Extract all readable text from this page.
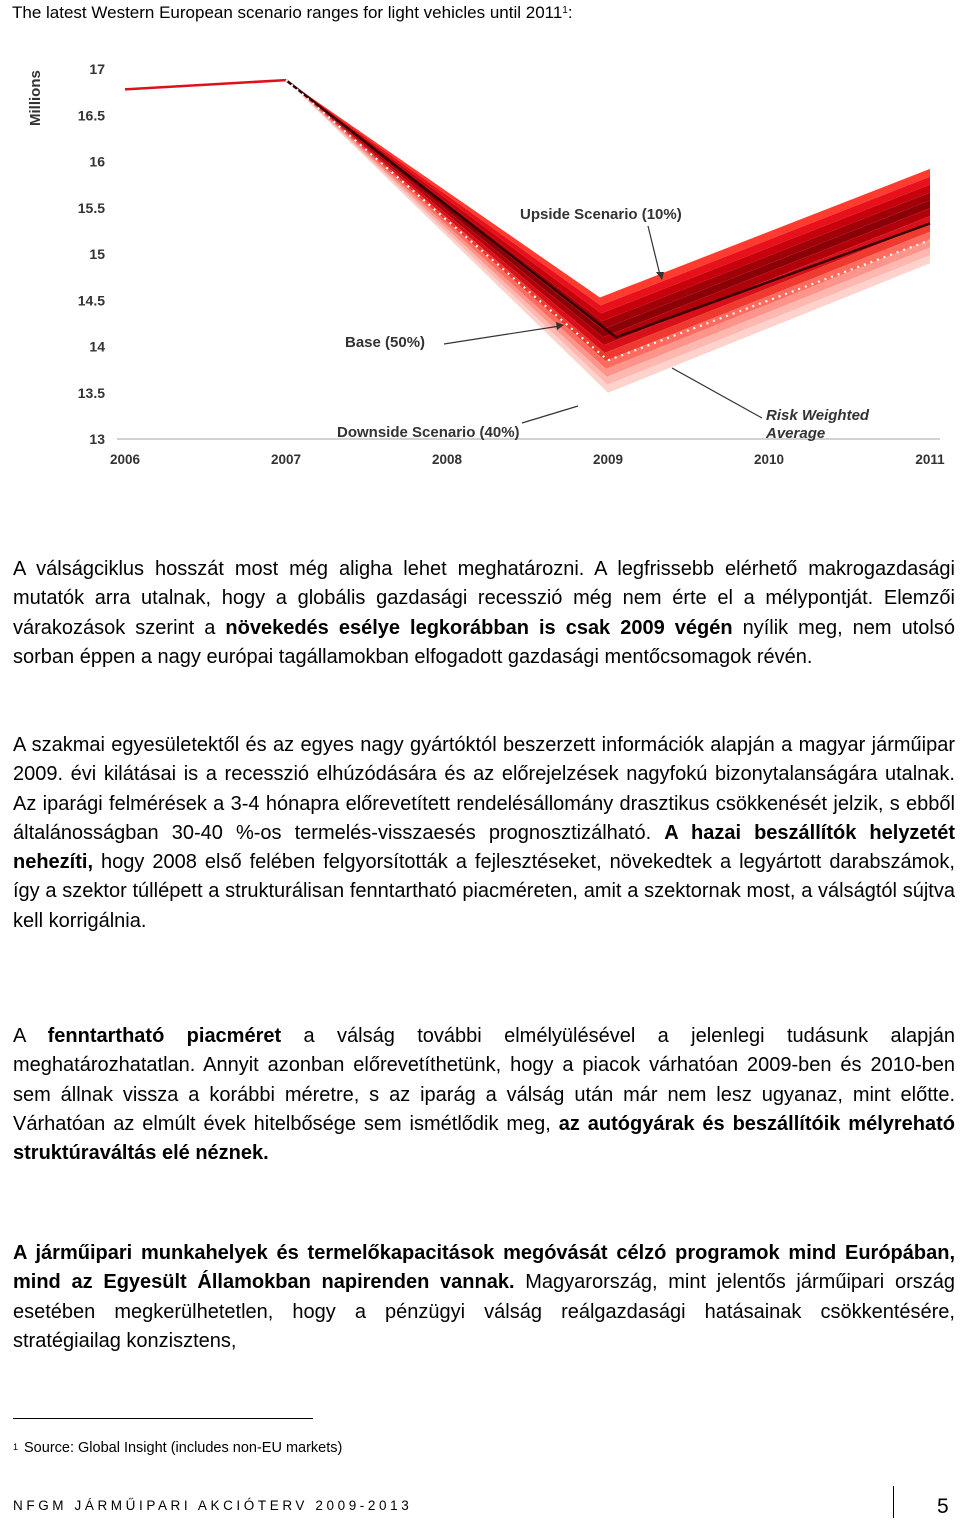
The latest Western European scenario ranges for light vehicles until 2011$^1$:
17
16.5
16
15.5
15
14.5
14
13.5
13
2006	2007	2008	2009	2010	2011
Millions
Upside Scenario (10%)
Base (50%)
Downside Scenario (40%)
Risk Weighted
Average
A válságciklus hosszát most még aligha lehet meghatározni. A legfrissebb elérhető makrogazdasági mutatók arra utalnak, hogy a globális gazdasági recesszió még nem érte el a mélypontját. Elemzői várakozások szerint a növekedés esélye legkorábban is csak 2009 végén nyílik meg, nem utolsó sorban éppen a nagy európai tagállamokban elfogadott gazdasági mentőcsomagok révén.
A szakmai egyesületektől és az egyes nagy gyártóktól beszerzett információk alapján a magyar járműipar 2009. évi kilátásai is a recesszió elhúzódására és az előrejelzések nagyfokú bizonytalanságára utalnak. Az iparági felmérések a 3-4 hónapra előrevetített rendelésállomány drasztikus csökkenését jelzik, s ebből általánosságban 30-40 %-os termelés-visszaesés prognosztizálható. A hazai beszállítók helyzetét nehezíti, hogy 2008 első felében felgyorsították a fejlesztéseket, növekedtek a legyártott darabszámok, így a szektor túllépett a strukturálisan fenntartható piacméreten, amit a szektornak most, a válságtól sújtva kell korrigálnia.
A fenntartható piacméret a válság további elmélyülésével a jelenlegi tudásunk alapján meghatározhatatlan. Annyit azonban előrevetíthetünk, hogy a piacok várhatóan 2009-ben és 2010-ben sem állnak vissza a korábbi méretre, s az iparág a válság után már nem lesz ugyanaz, mint előtte. Várhatóan az elmúlt évek hitelbősége sem ismétlődik meg, az autógyárak és beszállítóik mélyreható struktúraváltás elé néznek.
A járműipari munkahelyek és termelőkapacitások megóvását célzó programok mind Európában, mind az Egyesült Államokban napirenden vannak. Magyarország, mint jelentős járműipari ország esetében megkerülhetetlen, hogy a pénzügyi válság reálgazdasági hatásainak csökkentésére, stratégiailag konzisztens,
$^1$ Source: Global Insight (includes non-EU markets)
NFGM JÁRMŰIPARI AKCIÓTERV 2009-2013	5
